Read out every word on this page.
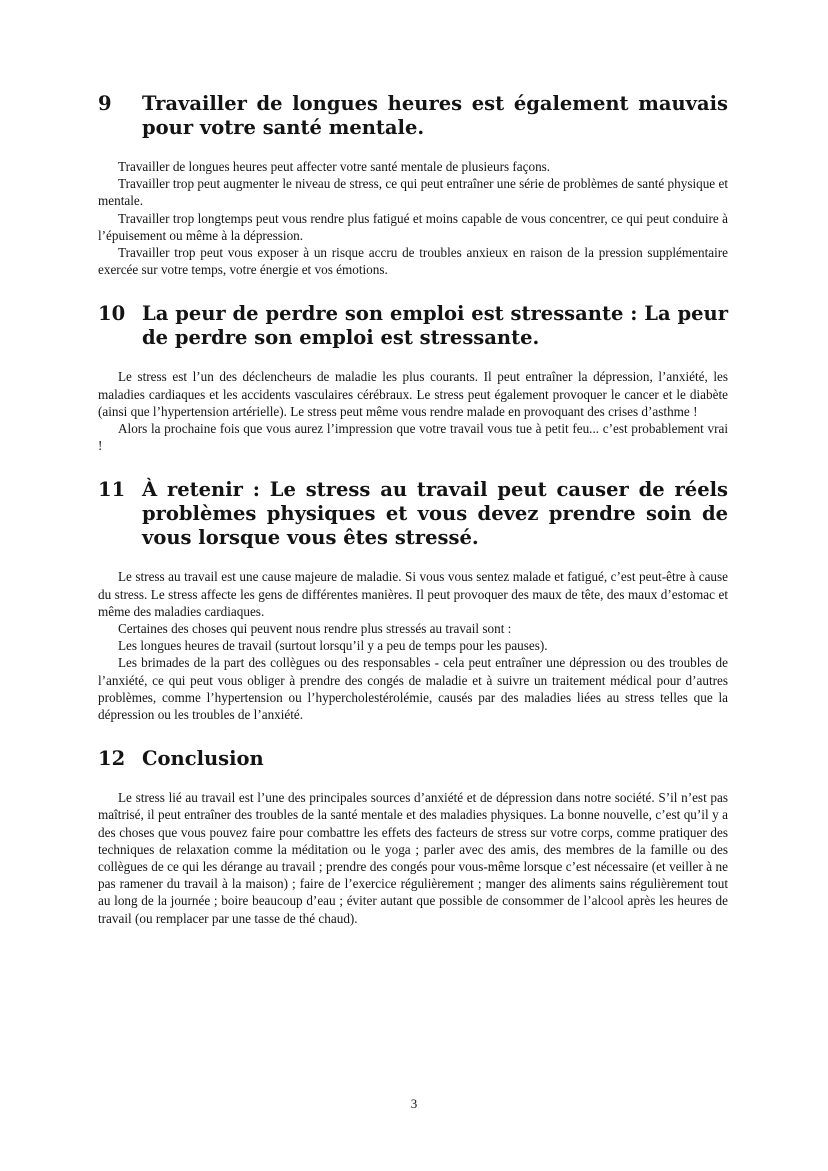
9	Travailler de longues heures est également mauvais pour votre santé mentale.

Travailler de longues heures peut affecter votre santé mentale de plusieurs façons.

Travailler trop peut augmenter le niveau de stress, ce qui peut entraîner une série de problèmes de santé physique et mentale.

Travailler trop longtemps peut vous rendre plus fatigué et moins capable de vous concentrer, ce qui peut conduire à l’épuisement ou même à la dépression.

Travailler trop peut vous exposer à un risque accru de troubles anxieux en raison de la pression supplémentaire exercée sur votre temps, votre énergie et vos émotions.

10 La peur de perdre son emploi est stressante : La peur de perdre son emploi est stressante.

Le stress est l’un des déclencheurs de maladie les plus courants. Il peut entraîner la dépression, l’anxiété, les maladies cardiaques et les accidents vasculaires cérébraux. Le stress peut également provoquer le cancer et le diabète (ainsi que l’hypertension artérielle). Le stress peut même vous rendre malade en provoquant des crises d’asthme !

Alors la prochaine fois que vous aurez l’impression que votre travail vous tue à petit feu... c’est probablement vrai !

11 À retenir : Le stress au travail peut causer de réels problèmes physiques et vous devez prendre soin de vous lorsque vous êtes stressé.

Le stress au travail est une cause majeure de maladie. Si vous vous sentez malade et fatigué, c’est peut-être à cause du stress. Le stress affecte les gens de différentes manières. Il peut provoquer des maux de tête, des maux d’estomac et même des maladies cardiaques.

Certaines des choses qui peuvent nous rendre plus stressés au travail sont :

Les longues heures de travail (surtout lorsqu’il y a peu de temps pour les pauses).

Les brimades de la part des collègues ou des responsables - cela peut entraîner une dépression ou des troubles de l’anxiété, ce qui peut vous obliger à prendre des congés de maladie et à suivre un traitement médical pour d’autres problèmes, comme l’hypertension ou l’hypercholestérolémie, causés par des maladies liées au stress telles que la dépression ou les troubles de l’anxiété.

12 Conclusion

Le stress lié au travail est l’une des principales sources d’anxiété et de dépression dans notre société. S’il n’est pas maîtrisé, il peut entraîner des troubles de la santé mentale et des maladies physiques. La bonne nouvelle, c’est qu’il y a des choses que vous pouvez faire pour combattre les effets des facteurs de stress sur votre corps, comme pratiquer des techniques de relaxation comme la méditation ou le yoga ; parler avec des amis, des membres de la famille ou des collègues de ce qui les dérange au travail ; prendre des congés pour vous-même lorsque c’est nécessaire (et veiller à ne pas ramener du travail à la maison) ; faire de l’exercice régulièrement ; manger des aliments sains régulièrement tout au long de la journée ; boire beaucoup d’eau ; éviter autant que possible de consommer de l’alcool après les heures de travail (ou remplacer par une tasse de thé chaud).

3
